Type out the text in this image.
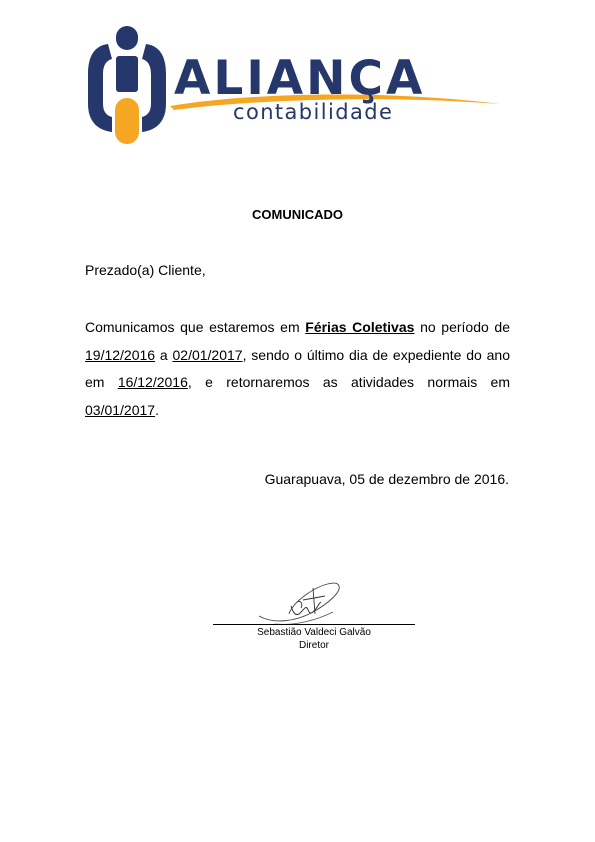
ALIANÇA
contabilidade
COMUNICADO
Prezado(a) Cliente,
Comunicamos que estaremos em Férias Coletivas no período de 19/12/2016 a 02/01/2017, sendo o último dia de expediente do ano em 16/12/2016, e retornaremos as atividades normais em 03/01/2017.
Guarapuava, 05 de dezembro de 2016.
Sebastião Valdeci Galvão
Diretor
